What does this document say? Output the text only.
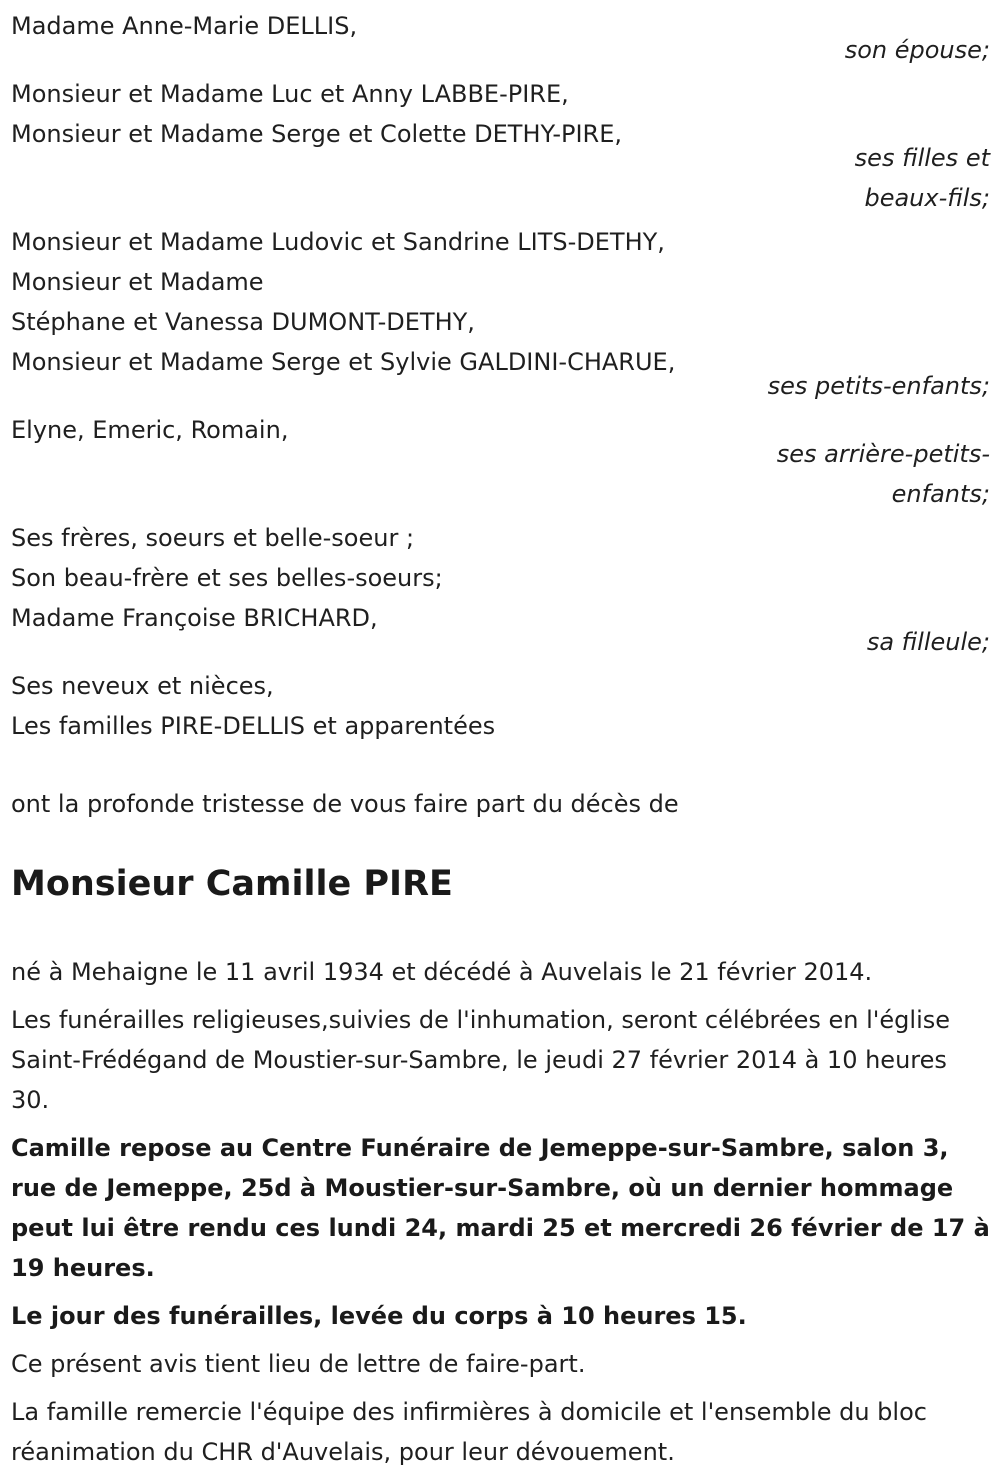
Madame Anne-Marie DELLIS,
son épouse;
Monsieur et Madame Luc et Anny LABBE-PIRE,
Monsieur et Madame Serge et Colette DETHY-PIRE,
ses filles et
beaux-fils;
Monsieur et Madame Ludovic et Sandrine LITS-DETHY,
Monsieur et Madame
Stéphane et Vanessa DUMONT-DETHY,
Monsieur et Madame Serge et Sylvie GALDINI-CHARUE,
ses petits-enfants;
Elyne, Emeric, Romain,
ses arrière-petits-
enfants;
Ses frères, soeurs et belle-soeur ;
Son beau-frère et ses belles-soeurs;
Madame Françoise BRICHARD,
sa filleule;
Ses neveux et nièces,
Les familles PIRE-DELLIS et apparentées
ont la profonde tristesse de vous faire part du décès de
Monsieur Camille PIRE
né à Mehaigne le 11 avril 1934 et décédé à Auvelais le 21 février 2014.
Les funérailles religieuses,suivies de l'inhumation, seront célébrées en l'église Saint-Frédégand de Moustier-sur-Sambre, le jeudi 27 février 2014 à 10 heures 30.
Camille repose au Centre Funéraire de Jemeppe-sur-Sambre, salon 3, rue de Jemeppe, 25d à Moustier-sur-Sambre, où un dernier hommage peut lui être rendu ces lundi 24, mardi 25 et mercredi 26 février de 17 à 19 heures.
Le jour des funérailles, levée du corps à 10 heures 15.
Ce présent avis tient lieu de lettre de faire-part.
La famille remercie l'équipe des infirmières à domicile et l'ensemble du bloc réanimation du CHR d'Auvelais, pour leur dévouement.
